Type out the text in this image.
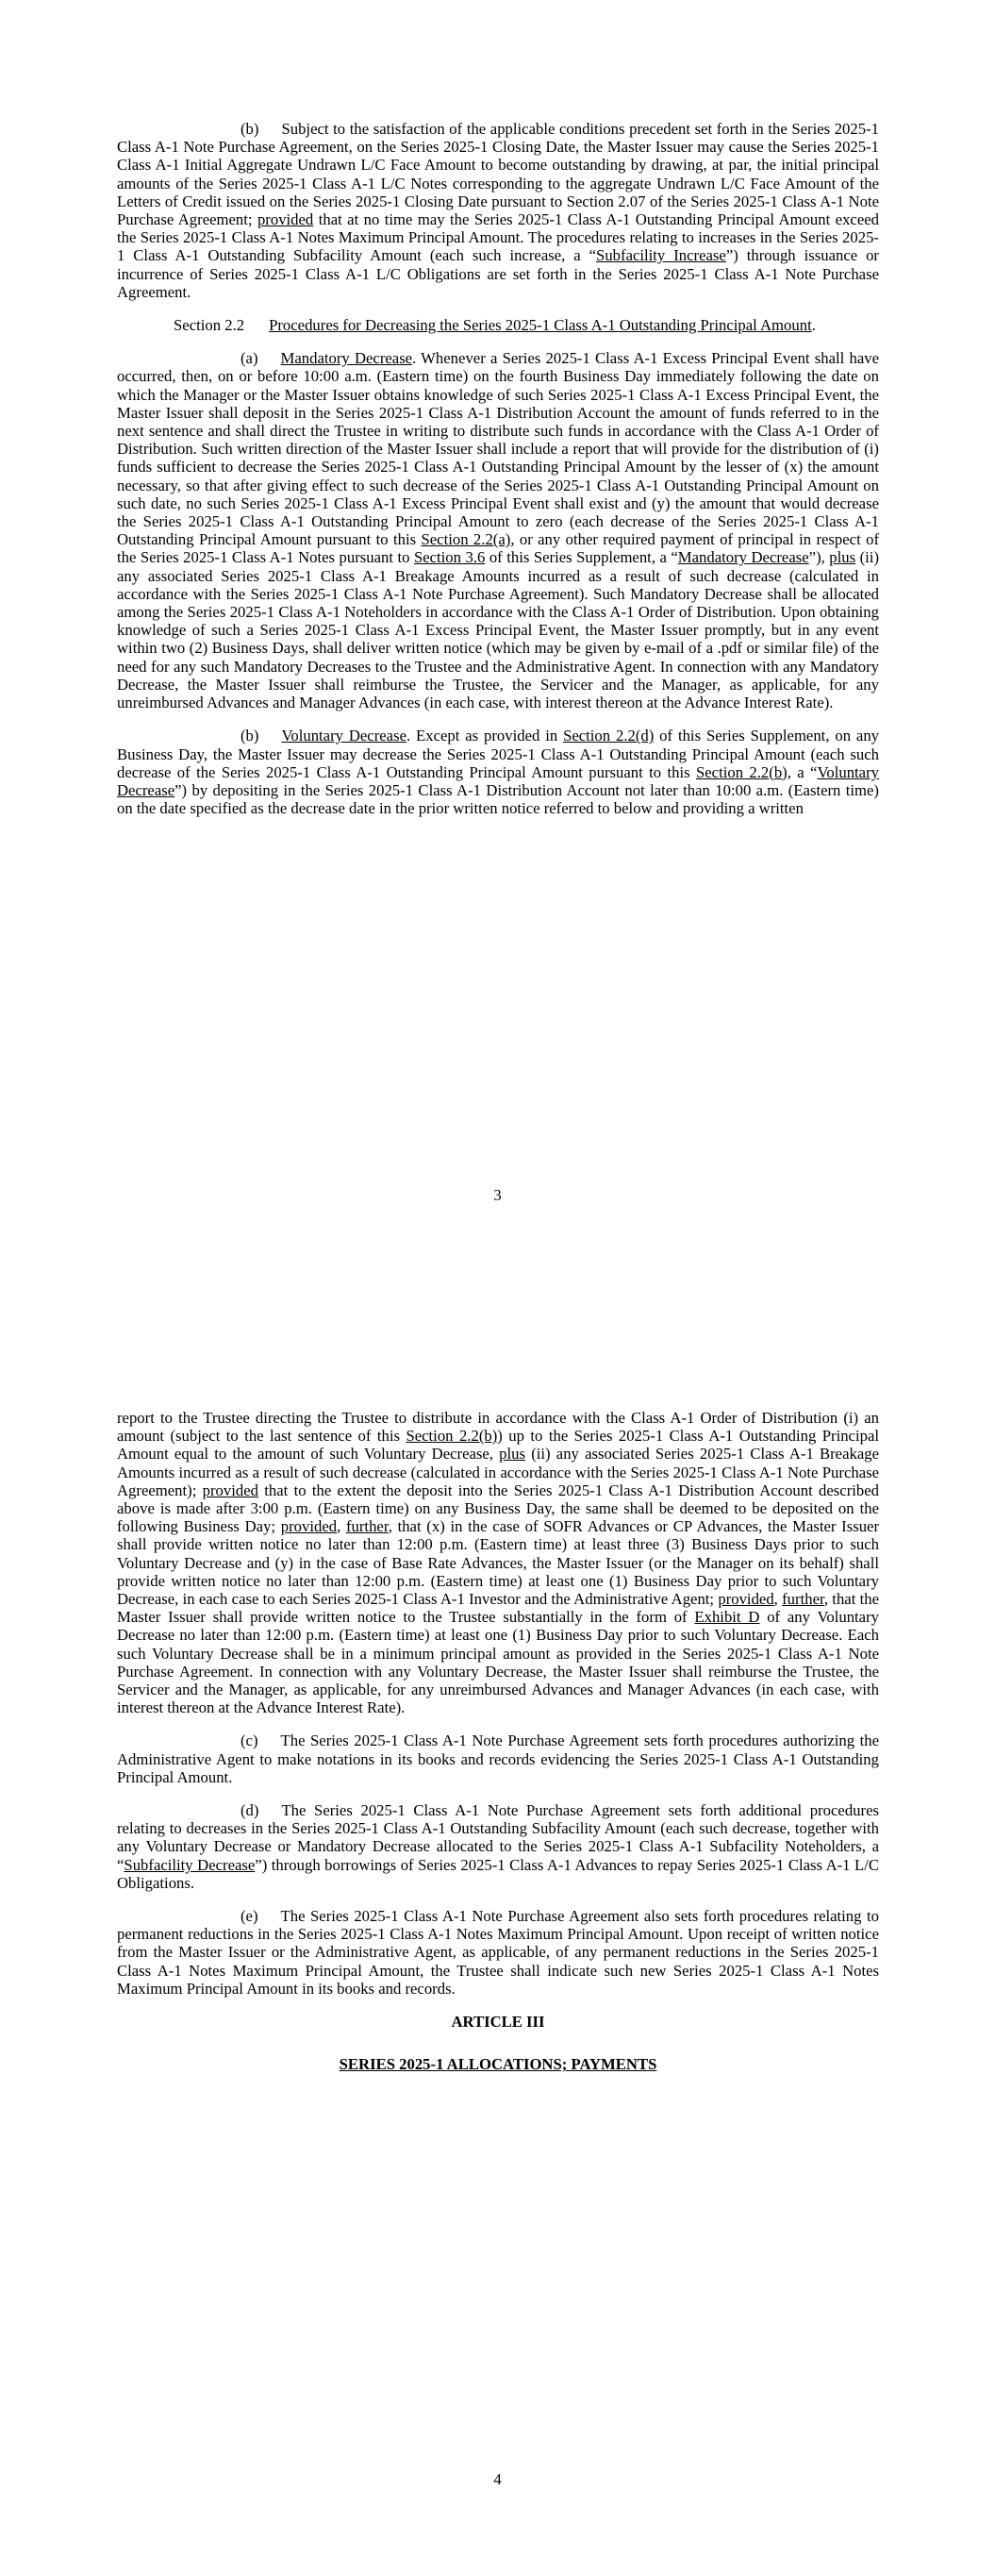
(b) Subject to the satisfaction of the applicable conditions precedent set forth in the Series 2025-1 Class A-1 Note Purchase Agreement, on the Series 2025-1 Closing Date, the Master Issuer may cause the Series 2025-1 Class A-1 Initial Aggregate Undrawn L/C Face Amount to become outstanding by drawing, at par, the initial principal amounts of the Series 2025-1 Class A-1 L/C Notes corresponding to the aggregate Undrawn L/C Face Amount of the Letters of Credit issued on the Series 2025-1 Closing Date pursuant to Section 2.07 of the Series 2025-1 Class A-1 Note Purchase Agreement; provided that at no time may the Series 2025-1 Class A-1 Outstanding Principal Amount exceed the Series 2025-1 Class A-1 Notes Maximum Principal Amount. The procedures relating to increases in the Series 2025-1 Class A-1 Outstanding Subfacility Amount (each such increase, a “Subfacility Increase”) through issuance or incurrence of Series 2025-1 Class A-1 L/C Obligations are set forth in the Series 2025-1 Class A-1 Note Purchase Agreement.

Section 2.2 Procedures for Decreasing the Series 2025-1 Class A-1 Outstanding Principal Amount.

(a) Mandatory Decrease. Whenever a Series 2025-1 Class A-1 Excess Principal Event shall have occurred, then, on or before 10:00 a.m. (Eastern time) on the fourth Business Day immediately following the date on which the Manager or the Master Issuer obtains knowledge of such Series 2025-1 Class A-1 Excess Principal Event, the Master Issuer shall deposit in the Series 2025-1 Class A-1 Distribution Account the amount of funds referred to in the next sentence and shall direct the Trustee in writing to distribute such funds in accordance with the Class A-1 Order of Distribution. Such written direction of the Master Issuer shall include a report that will provide for the distribution of (i) funds sufficient to decrease the Series 2025-1 Class A-1 Outstanding Principal Amount by the lesser of (x) the amount necessary, so that after giving effect to such decrease of the Series 2025-1 Class A-1 Outstanding Principal Amount on such date, no such Series 2025-1 Class A-1 Excess Principal Event shall exist and (y) the amount that would decrease the Series 2025-1 Class A-1 Outstanding Principal Amount to zero (each decrease of the Series 2025-1 Class A-1 Outstanding Principal Amount pursuant to this Section 2.2(a), or any other required payment of principal in respect of the Series 2025-1 Class A-1 Notes pursuant to Section 3.6 of this Series Supplement, a “Mandatory Decrease”), plus (ii) any associated Series 2025-1 Class A-1 Breakage Amounts incurred as a result of such decrease (calculated in accordance with the Series 2025-1 Class A-1 Note Purchase Agreement). Such Mandatory Decrease shall be allocated among the Series 2025-1 Class A-1 Noteholders in accordance with the Class A-1 Order of Distribution. Upon obtaining knowledge of such a Series 2025-1 Class A-1 Excess Principal Event, the Master Issuer promptly, but in any event within two (2) Business Days, shall deliver written notice (which may be given by e-mail of a .pdf or similar file) of the need for any such Mandatory Decreases to the Trustee and the Administrative Agent. In connection with any Mandatory Decrease, the Master Issuer shall reimburse the Trustee, the Servicer and the Manager, as applicable, for any unreimbursed Advances and Manager Advances (in each case, with interest thereon at the Advance Interest Rate).

(b) Voluntary Decrease. Except as provided in Section 2.2(d) of this Series Supplement, on any Business Day, the Master Issuer may decrease the Series 2025-1 Class A-1 Outstanding Principal Amount (each such decrease of the Series 2025-1 Class A-1 Outstanding Principal Amount pursuant to this Section 2.2(b), a “Voluntary Decrease”) by depositing in the Series 2025-1 Class A-1 Distribution Account not later than 10:00 a.m. (Eastern time) on the date specified as the decrease date in the prior written notice referred to below and providing a written

3

report to the Trustee directing the Trustee to distribute in accordance with the Class A-1 Order of Distribution (i) an amount (subject to the last sentence of this Section 2.2(b)) up to the Series 2025-1 Class A-1 Outstanding Principal Amount equal to the amount of such Voluntary Decrease, plus (ii) any associated Series 2025-1 Class A-1 Breakage Amounts incurred as a result of such decrease (calculated in accordance with the Series 2025-1 Class A-1 Note Purchase Agreement); provided that to the extent the deposit into the Series 2025-1 Class A-1 Distribution Account described above is made after 3:00 p.m. (Eastern time) on any Business Day, the same shall be deemed to be deposited on the following Business Day; provided, further, that (x) in the case of SOFR Advances or CP Advances, the Master Issuer shall provide written notice no later than 12:00 p.m. (Eastern time) at least three (3) Business Days prior to such Voluntary Decrease and (y) in the case of Base Rate Advances, the Master Issuer (or the Manager on its behalf) shall provide written notice no later than 12:00 p.m. (Eastern time) at least one (1) Business Day prior to such Voluntary Decrease, in each case to each Series 2025-1 Class A-1 Investor and the Administrative Agent; provided, further, that the Master Issuer shall provide written notice to the Trustee substantially in the form of Exhibit D of any Voluntary Decrease no later than 12:00 p.m. (Eastern time) at least one (1) Business Day prior to such Voluntary Decrease. Each such Voluntary Decrease shall be in a minimum principal amount as provided in the Series 2025-1 Class A-1 Note Purchase Agreement. In connection with any Voluntary Decrease, the Master Issuer shall reimburse the Trustee, the Servicer and the Manager, as applicable, for any unreimbursed Advances and Manager Advances (in each case, with interest thereon at the Advance Interest Rate).

(c) The Series 2025-1 Class A-1 Note Purchase Agreement sets forth procedures authorizing the Administrative Agent to make notations in its books and records evidencing the Series 2025-1 Class A-1 Outstanding Principal Amount.

(d) The Series 2025-1 Class A-1 Note Purchase Agreement sets forth additional procedures relating to decreases in the Series 2025-1 Class A-1 Outstanding Subfacility Amount (each such decrease, together with any Voluntary Decrease or Mandatory Decrease allocated to the Series 2025-1 Class A-1 Subfacility Noteholders, a “Subfacility Decrease”) through borrowings of Series 2025-1 Class A-1 Advances to repay Series 2025-1 Class A-1 L/C Obligations.

(e) The Series 2025-1 Class A-1 Note Purchase Agreement also sets forth procedures relating to permanent reductions in the Series 2025-1 Class A-1 Notes Maximum Principal Amount. Upon receipt of written notice from the Master Issuer or the Administrative Agent, as applicable, of any permanent reductions in the Series 2025-1 Class A-1 Notes Maximum Principal Amount, the Trustee shall indicate such new Series 2025-1 Class A-1 Notes Maximum Principal Amount in its books and records.

ARTICLE III
SERIES 2025-1 ALLOCATIONS; PAYMENTS
4
